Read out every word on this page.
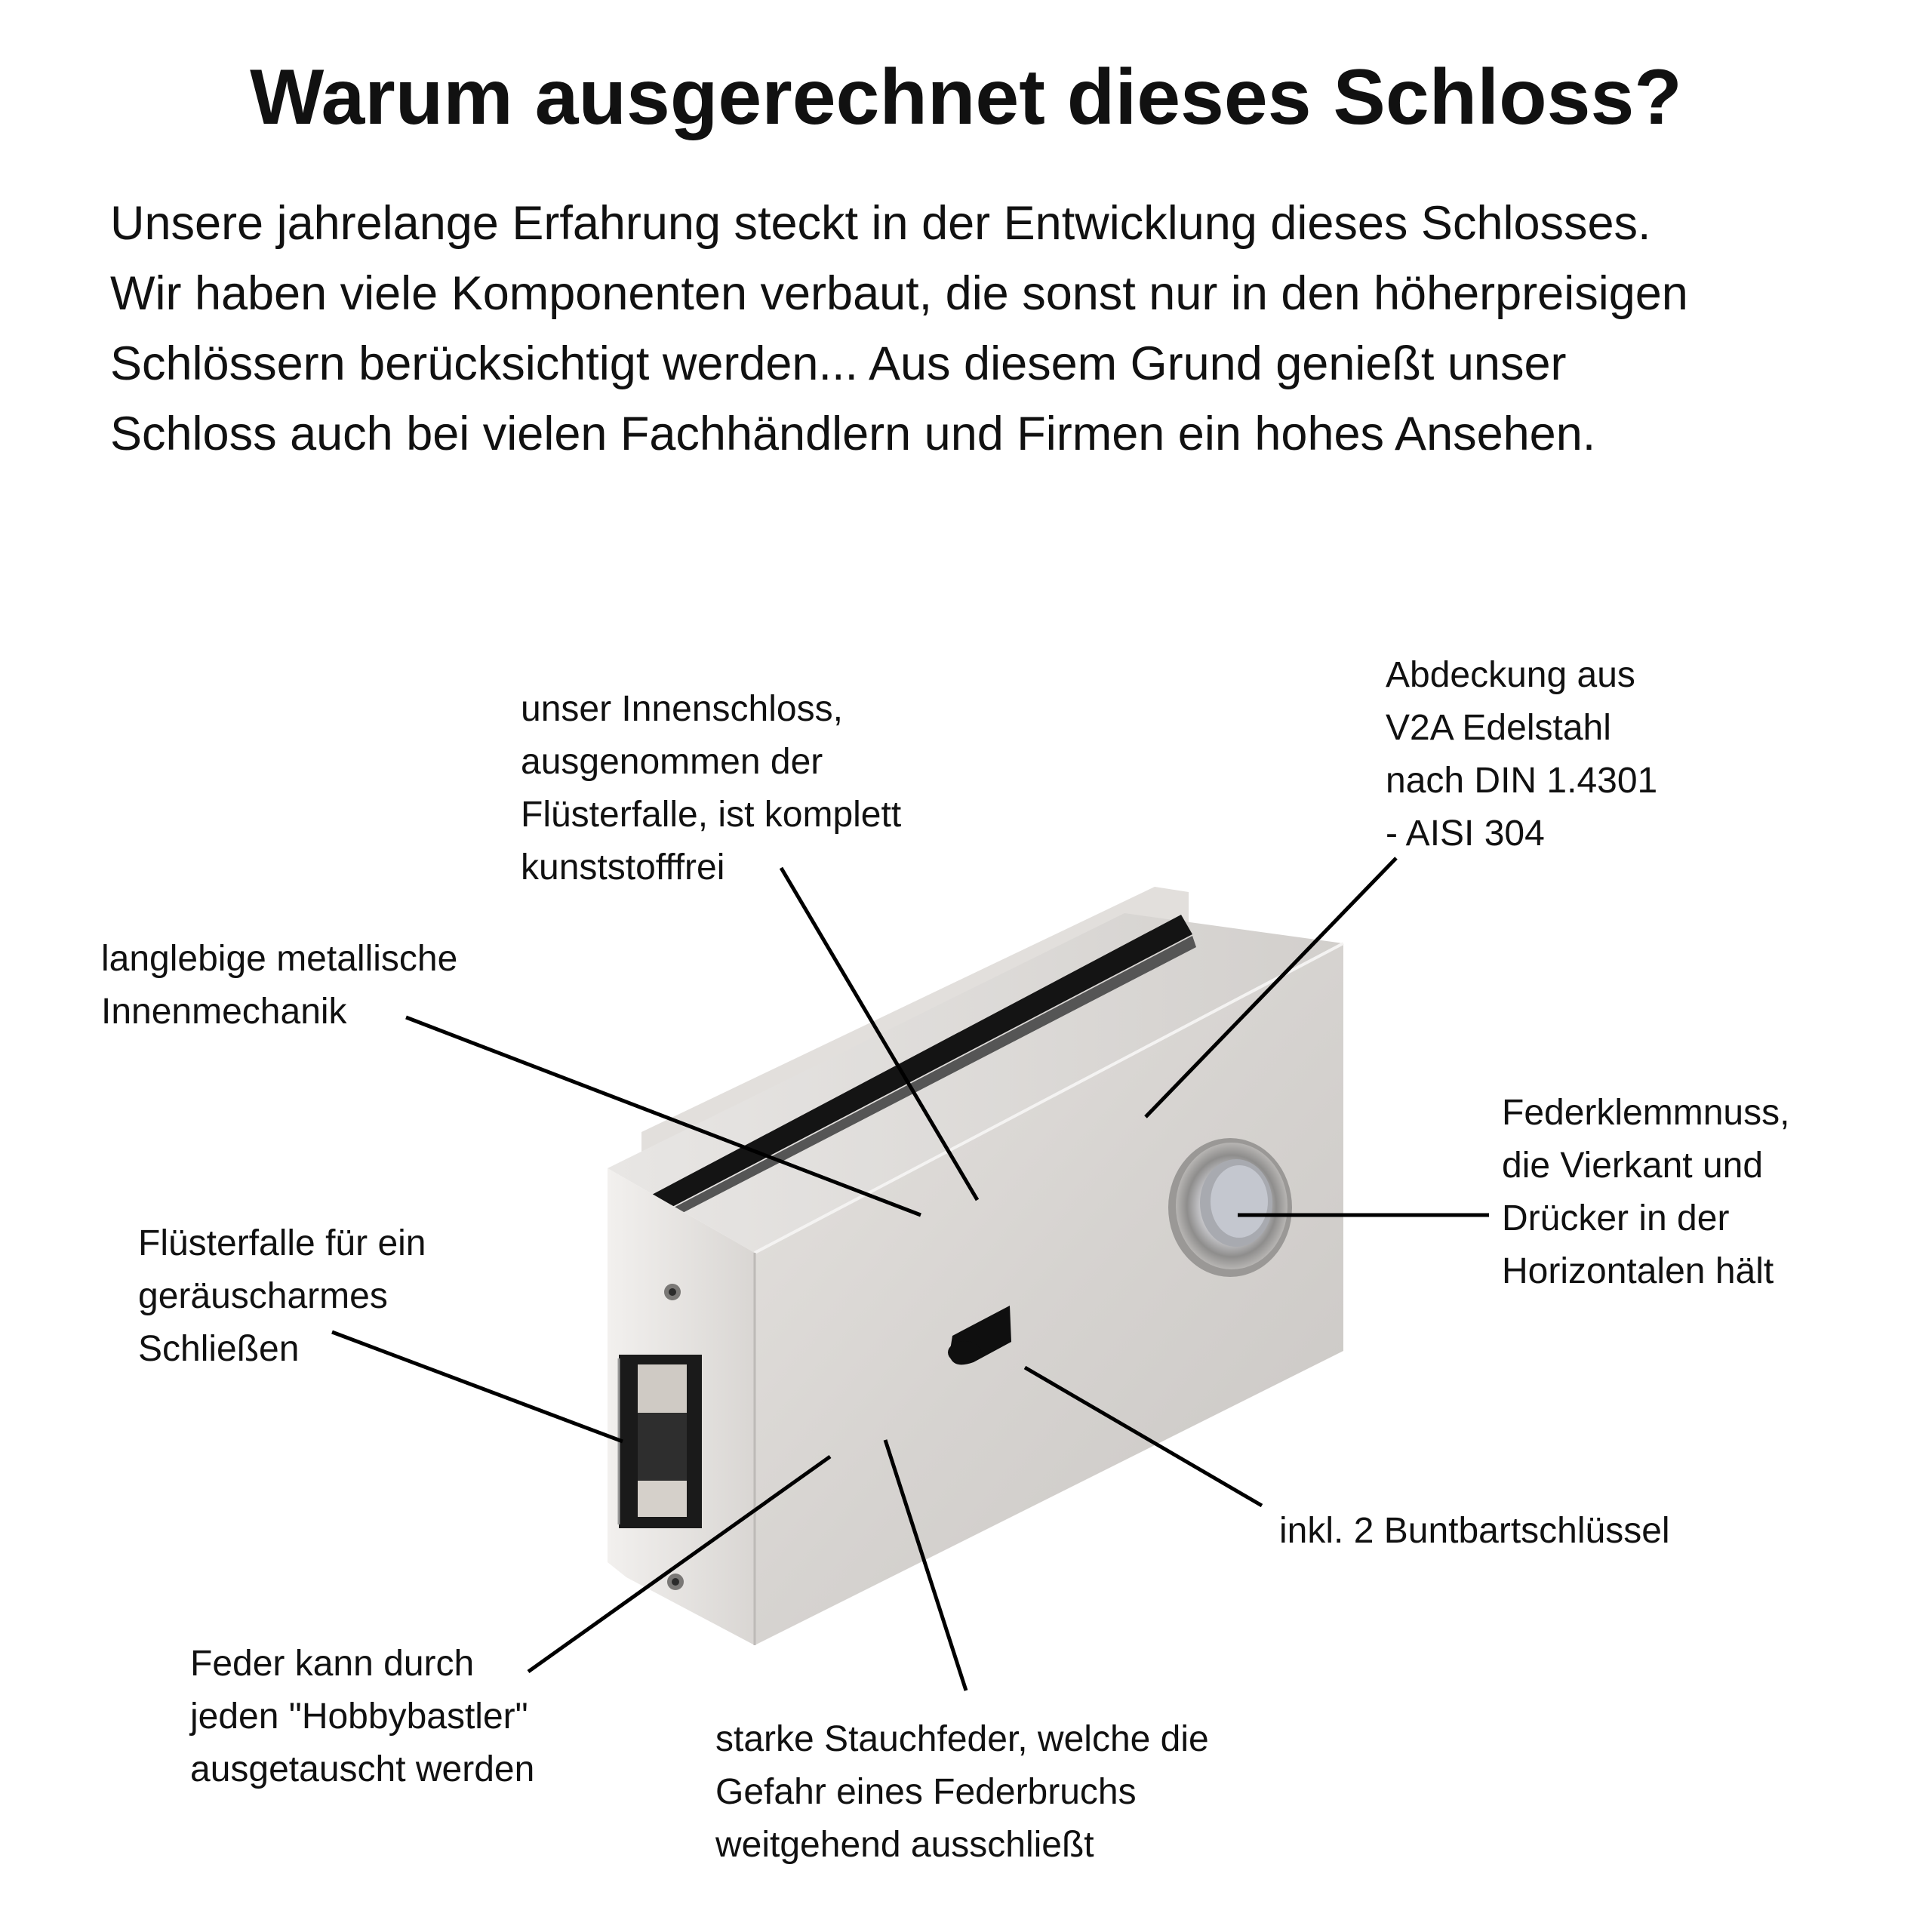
Warum ausgerechnet dieses Schloss?
Unsere jahrelange Erfahrung steckt in der Entwicklung dieses Schlosses.
Wir haben viele Komponenten verbaut, die sonst nur in den höherpreisigen
Schlössern berücksichtigt werden... Aus diesem Grund genießt unser
Schloss auch bei vielen Fachhändlern und Firmen ein hohes Ansehen.
unser Innenschloss,
ausgenommen der
Flüsterfalle, ist komplett
kunststofffrei
Abdeckung aus
V2A Edelstahl
nach DIN 1.4301
- AISI 304
langlebige metallische
Innenmechanik
Federklemmnuss,
die Vierkant und
Drücker in der
Horizontalen hält
Flüsterfalle für ein
geräuscharmes
Schließen
inkl. 2 Buntbartschlüssel
Feder kann durch
jeden "Hobbybastler"
ausgetauscht werden
starke Stauchfeder, welche die
Gefahr eines Federbruchs
weitgehend ausschließt
